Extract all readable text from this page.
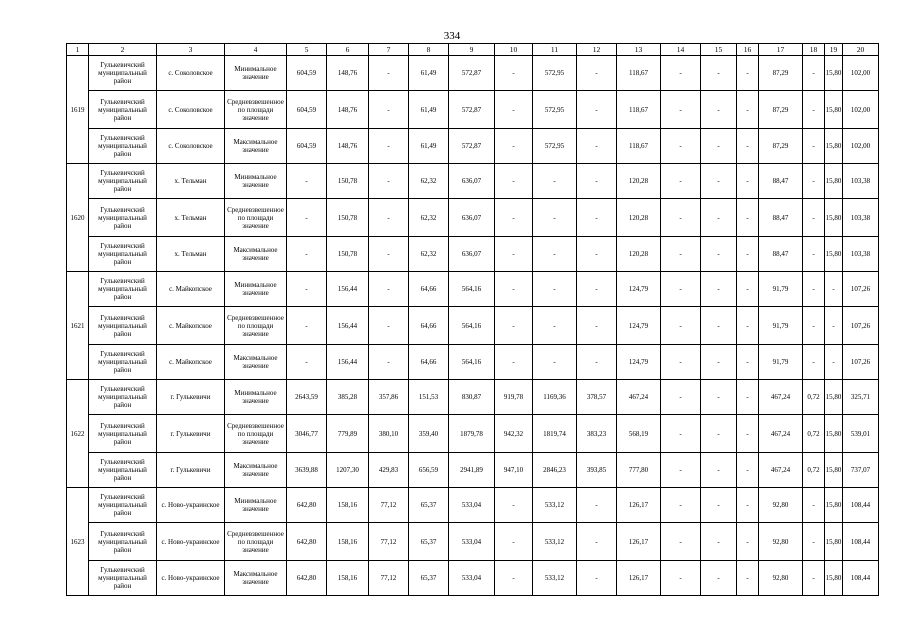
334
1	2	3	4	5	6	7	8	9	10	11	12	13	14	15	16	17	18	19	20
1619	Гулькевичский муниципальный район	с. Соколовское	Минимальное значение	604,59	148,76	-	61,49	572,87	-	572,95	-	118,67	-	-	-	87,29	-	15,80	102,00
	Гулькевичский муниципальный район	с. Соколовское	Средневзвешенное по площади значение	604,59	148,76	-	61,49	572,87	-	572,95	-	118,67	-	-	-	87,29	-	15,80	102,00
	Гулькевичский муниципальный район	с. Соколовское	Максимальное значение	604,59	148,76	-	61,49	572,87	-	572,95	-	118,67	-	-	-	87,29	-	15,80	102,00
1620	Гулькевичский муниципальный район	х. Тельман	Минимальное значение	-	150,78	-	62,32	636,07	-	-	-	120,28	-	-	-	88,47	-	15,80	103,38
	Гулькевичский муниципальный район	х. Тельман	Средневзвешенное по площади значение	-	150,78	-	62,32	636,07	-	-	-	120,28	-	-	-	88,47	-	15,80	103,38
	Гулькевичский муниципальный район	х. Тельман	Максимальное значение	-	150,78	-	62,32	636,07	-	-	-	120,28	-	-	-	88,47	-	15,80	103,38
1621	Гулькевичский муниципальный район	с. Майкопское	Минимальное значение	-	156,44	-	64,66	564,16	-	-	-	124,79	-	-	-	91,79	-	-	107,26
	Гулькевичский муниципальный район	с. Майкопское	Средневзвешенное по площади значение	-	156,44	-	64,66	564,16	-	-	-	124,79	-	-	-	91,79	-	-	107,26
	Гулькевичский муниципальный район	с. Майкопское	Максимальное значение	-	156,44	-	64,66	564,16	-	-	-	124,79	-	-	-	91,79	-	-	107,26
1622	Гулькевичский муниципальный район	г. Гулькевичи	Минимальное значение	2643,59	385,28	357,86	151,53	830,87	919,78	1169,36	378,57	467,24	-	-	-	467,24	0,72	15,80	325,71
	Гулькевичский муниципальный район	г. Гулькевичи	Средневзвешенное по площади значение	3046,77	779,89	380,10	359,40	1879,78	942,32	1819,74	383,23	568,19	-	-	-	467,24	0,72	15,80	539,01
	Гулькевичский муниципальный район	г. Гулькевичи	Максимальное значение	3639,88	1207,30	429,83	656,59	2941,89	947,10	2846,23	393,85	777,80	-	-	-	467,24	0,72	15,80	737,07
1623	Гулькевичский муниципальный район	с. Ново-украинское	Минимальное значение	642,80	158,16	77,12	65,37	533,04	-	533,12	-	126,17	-	-	-	92,80	-	15,80	108,44
	Гулькевичский муниципальный район	с. Ново-украинское	Средневзвешенное по площади значение	642,80	158,16	77,12	65,37	533,04	-	533,12	-	126,17	-	-	-	92,80	-	15,80	108,44
	Гулькевичский муниципальный район	с. Ново-украинское	Максимальное значение	642,80	158,16	77,12	65,37	533,04	-	533,12	-	126,17	-	-	-	92,80	-	15,80	108,44
